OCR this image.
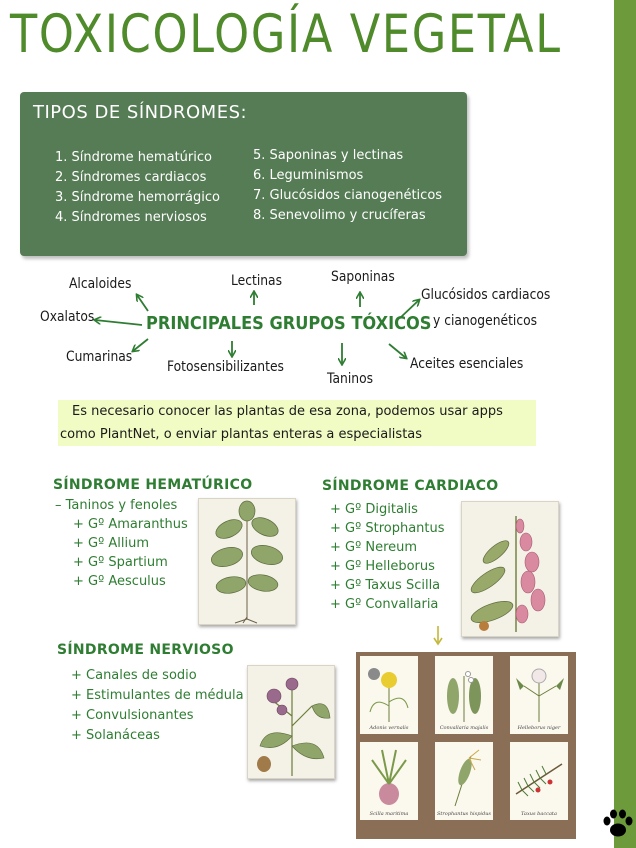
TOXICOLOGÍA VEGETAL
TIPOS DE SÍNDROMES:
1. Síndrome hematúrico
2. Síndromes cardiacos
3. Síndrome hemorrágico
4. Síndromes nerviosos
5. Saponinas y lectinas
6. Leguminismos
7. Glucósidos cianogenéticos
8. Senevolimo y crucíferas
PRINCIPALES GRUPOS TÓXICOS
Alcaloides	Lectinas	Saponinas
Glucósidos cardiacos
y cianogenéticos
Oxalatos
Cumarinas
Fotosensibilizantes
Taninos
Aceites esenciales

Es necesario conocer las plantas de esa zona, podemos usar apps

como PlantNet, o enviar plantas enteras a especialistas

SÍNDROME HEMATÚRICO
– Taninos y fenoles
+ Gº Amaranthus
+ Gº Allium
+ Gº Spartium
+ Gº Aesculus
SÍNDROME CARDIACO
+ Gº Digitalis
+ Gº Strophantus
+ Gº Nereum
+ Gº Helleborus
+ Gº Taxus Scilla
+ Gº Convallaria
SÍNDROME NERVIOSO
+ Canales de sodio
+ Estimulantes de médula
+ Convulsionantes
+ Solanáceas	Adonis vernalis	Convallaria majalis	Helleborus niger
Scilla maritima	Strophantus hispidus	Taxus baccata
